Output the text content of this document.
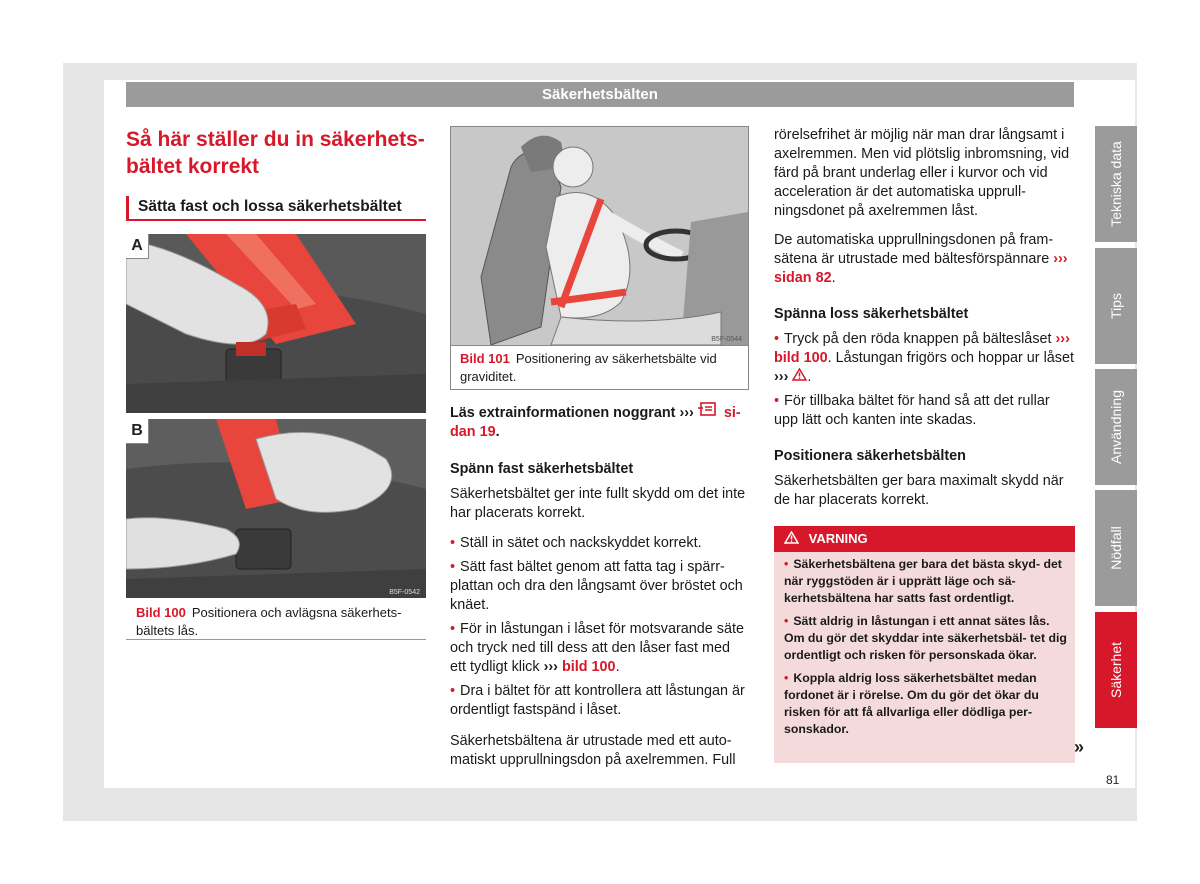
Säkerhetsbälten
Så här ställer du in säkerhets- bältet korrekt
Sätta fast och lossa säkerhetsbältet
A
B
B5F-0542
Bild 100 Positionera och avlägsna säkerhets- bältets lås.
B5F-0544
Bild 101 Positionering av säkerhetsbälte vid graviditet.

Läs extrainformationen noggrant ››› si- dan 19.

Spänn fast säkerhetsbältet

Säkerhetsbältet ger inte fullt skydd om det inte har placerats korrekt.

• Ställ in sätet och nackskyddet korrekt.

• Sätt fast bältet genom att fatta tag i spärr- plattan och dra den långsamt över bröstet och knäet.

• För in låstungan i låset för motsvarande säte och tryck ned till dess att den låser fast med ett tydligt klick ››› bild 100.

• Dra i bältet för att kontrollera att låstungan är ordentligt fastspänd i låset.

Säkerhetsbältena är utrustade med ett auto- matiskt upprullningsdon på axelremmen. Full

rörelsefrihet är möjlig när man drar långsamt i axelremmen. Men vid plötslig inbromsning, vid färd på brant underlag eller i kurvor och vid acceleration är det automatiska upprull- ningsdonet på axelremmen låst.

De automatiska upprullningsdonen på fram- sätena är utrustade med bältesförspännare ››› sidan 82.

Spänna loss säkerhetsbältet

• Tryck på den röda knappen på bälteslåset ››› bild 100. Låstungan frigörs och hoppar ur låset ››› .

• För tillbaka bältet för hand så att det rullar upp lätt och kanten inte skadas.

Positionera säkerhetsbälten

Säkerhetsbälten ger bara maximalt skydd när de har placerats korrekt.

VARNING

• Säkerhetsbältena ger bara det bästa skyd- det när ryggstöden är i upprätt läge och sä- kerhetsbältena har satts fast ordentligt.

• Sätt aldrig in låstungan i ett annat sätes lås. Om du gör det skyddar inte säkerhetsbäl- tet dig ordentligt och risken för personskada ökar.

• Koppla aldrig loss säkerhetsbältet medan fordonet är i rörelse. Om du gör det ökar du risken för att få allvarliga eller dödliga per- sonskador.

»
Tekniska data
Tips
Användning
Nödfall
Säkerhet
81
